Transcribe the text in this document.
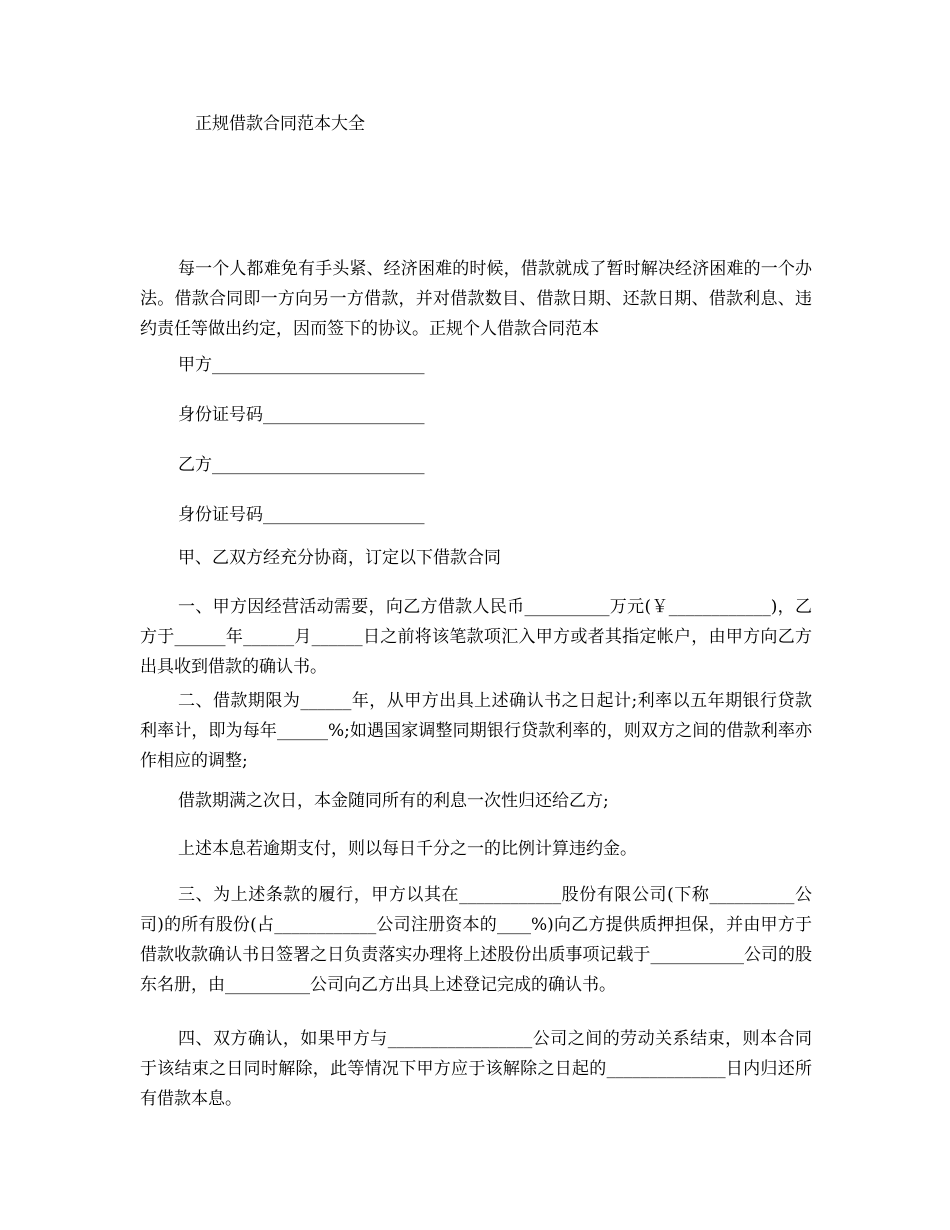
正规借款合同范本大全
每一个人都难免有手头紧、经济困难的时候，借款就成了暂时解决经济困难的一个办法。借款合同即一方向另一方借款，并对借款数目、借款日期、还款日期、借款利息、违约责任等做出约定，因而签下的协议。正规个人借款合同范本
甲方_________________________
身份证号码___________________
乙方_________________________
身份证号码___________________
甲、乙双方经充分协商，订定以下借款合同
一、甲方因经营活动需要，向乙方借款人民币__________万元(￥____________)，乙方于______年______月______日之前将该笔款项汇入甲方或者其指定帐户，由甲方向乙方出具收到借款的确认书。
二、借款期限为______年，从甲方出具上述确认书之日起计;利率以五年期银行贷款利率计，即为每年______%;如遇国家调整同期银行贷款利率的，则双方之间的借款利率亦作相应的调整;
借款期满之次日，本金随同所有的利息一次性归还给乙方;
上述本息若逾期支付，则以每日千分之一的比例计算违约金。
三、为上述条款的履行，甲方以其在____________股份有限公司(下称__________公司)的所有股份(占____________公司注册资本的____%)向乙方提供质押担保，并由甲方于借款收款确认书日签署之日负责落实办理将上述股份出质事项记载于___________公司的股东名册，由__________公司向乙方出具上述登记完成的确认书。
四、双方确认，如果甲方与_________________公司之间的劳动关系结束，则本合同于该结束之日同时解除，此等情况下甲方应于该解除之日起的______________日内归还所有借款本息。
